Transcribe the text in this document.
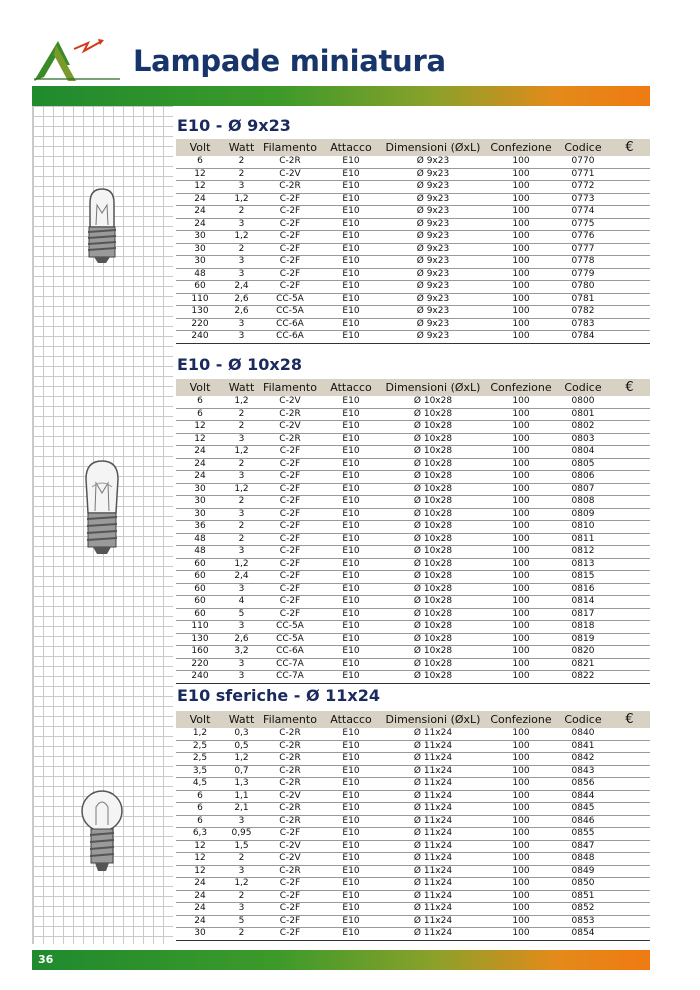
Lampade miniatura
E10 - Ø 9x23
E10 - Ø 10x28
E10 sferiche - Ø 11x24
Volt	Watt	Filamento	Attacco	Dimensioni (ØxL)	Confezione	Codice	€
6	2	C-2R	E10	Ø 9x23	100	0770	
12	2	C-2V	E10	Ø 9x23	100	0771	
12	3	C-2R	E10	Ø 9x23	100	0772	
24	1,2	C-2F	E10	Ø 9x23	100	0773	
24	2	C-2F	E10	Ø 9x23	100	0774	
24	3	C-2F	E10	Ø 9x23	100	0775	
30	1,2	C-2F	E10	Ø 9x23	100	0776	
30	2	C-2F	E10	Ø 9x23	100	0777	
30	3	C-2F	E10	Ø 9x23	100	0778	
48	3	C-2F	E10	Ø 9x23	100	0779	
60	2,4	C-2F	E10	Ø 9x23	100	0780	
110	2,6	CC-5A	E10	Ø 9x23	100	0781	
130	2,6	CC-5A	E10	Ø 9x23	100	0782	
220	3	CC-6A	E10	Ø 9x23	100	0783	
240	3	CC-6A	E10	Ø 9x23	100	0784	
Volt	Watt	Filamento	Attacco	Dimensioni (ØxL)	Confezione	Codice	€
6	1,2	C-2V	E10	Ø 10x28	100	0800	
6	2	C-2R	E10	Ø 10x28	100	0801	
12	2	C-2V	E10	Ø 10x28	100	0802	
12	3	C-2R	E10	Ø 10x28	100	0803	
24	1,2	C-2F	E10	Ø 10x28	100	0804	
24	2	C-2F	E10	Ø 10x28	100	0805	
24	3	C-2F	E10	Ø 10x28	100	0806	
30	1,2	C-2F	E10	Ø 10x28	100	0807	
30	2	C-2F	E10	Ø 10x28	100	0808	
30	3	C-2F	E10	Ø 10x28	100	0809	
36	2	C-2F	E10	Ø 10x28	100	0810	
48	2	C-2F	E10	Ø 10x28	100	0811	
48	3	C-2F	E10	Ø 10x28	100	0812	
60	1,2	C-2F	E10	Ø 10x28	100	0813	
60	2,4	C-2F	E10	Ø 10x28	100	0815	
60	3	C-2F	E10	Ø 10x28	100	0816	
60	4	C-2F	E10	Ø 10x28	100	0814	
60	5	C-2F	E10	Ø 10x28	100	0817	
110	3	CC-5A	E10	Ø 10x28	100	0818	
130	2,6	CC-5A	E10	Ø 10x28	100	0819	
160	3,2	CC-6A	E10	Ø 10x28	100	0820	
220	3	CC-7A	E10	Ø 10x28	100	0821	
240	3	CC-7A	E10	Ø 10x28	100	0822	
Volt	Watt	Filamento	Attacco	Dimensioni (ØxL)	Confezione	Codice	€
1,2	0,3	C-2R	E10	Ø 11x24	100	0840	
2,5	0,5	C-2R	E10	Ø 11x24	100	0841	
2,5	1,2	C-2R	E10	Ø 11x24	100	0842	
3,5	0,7	C-2R	E10	Ø 11x24	100	0843	
4,5	1,3	C-2R	E10	Ø 11x24	100	0856	
6	1,1	C-2V	E10	Ø 11x24	100	0844	
6	2,1	C-2R	E10	Ø 11x24	100	0845	
6	3	C-2R	E10	Ø 11x24	100	0846	
6,3	0,95	C-2F	E10	Ø 11x24	100	0855	
12	1,5	C-2V	E10	Ø 11x24	100	0847	
12	2	C-2V	E10	Ø 11x24	100	0848	
12	3	C-2R	E10	Ø 11x24	100	0849	
24	1,2	C-2F	E10	Ø 11x24	100	0850	
24	2	C-2F	E10	Ø 11x24	100	0851	
24	3	C-2F	E10	Ø 11x24	100	0852	
24	5	C-2F	E10	Ø 11x24	100	0853	
30	2	C-2F	E10	Ø 11x24	100	0854	
36
